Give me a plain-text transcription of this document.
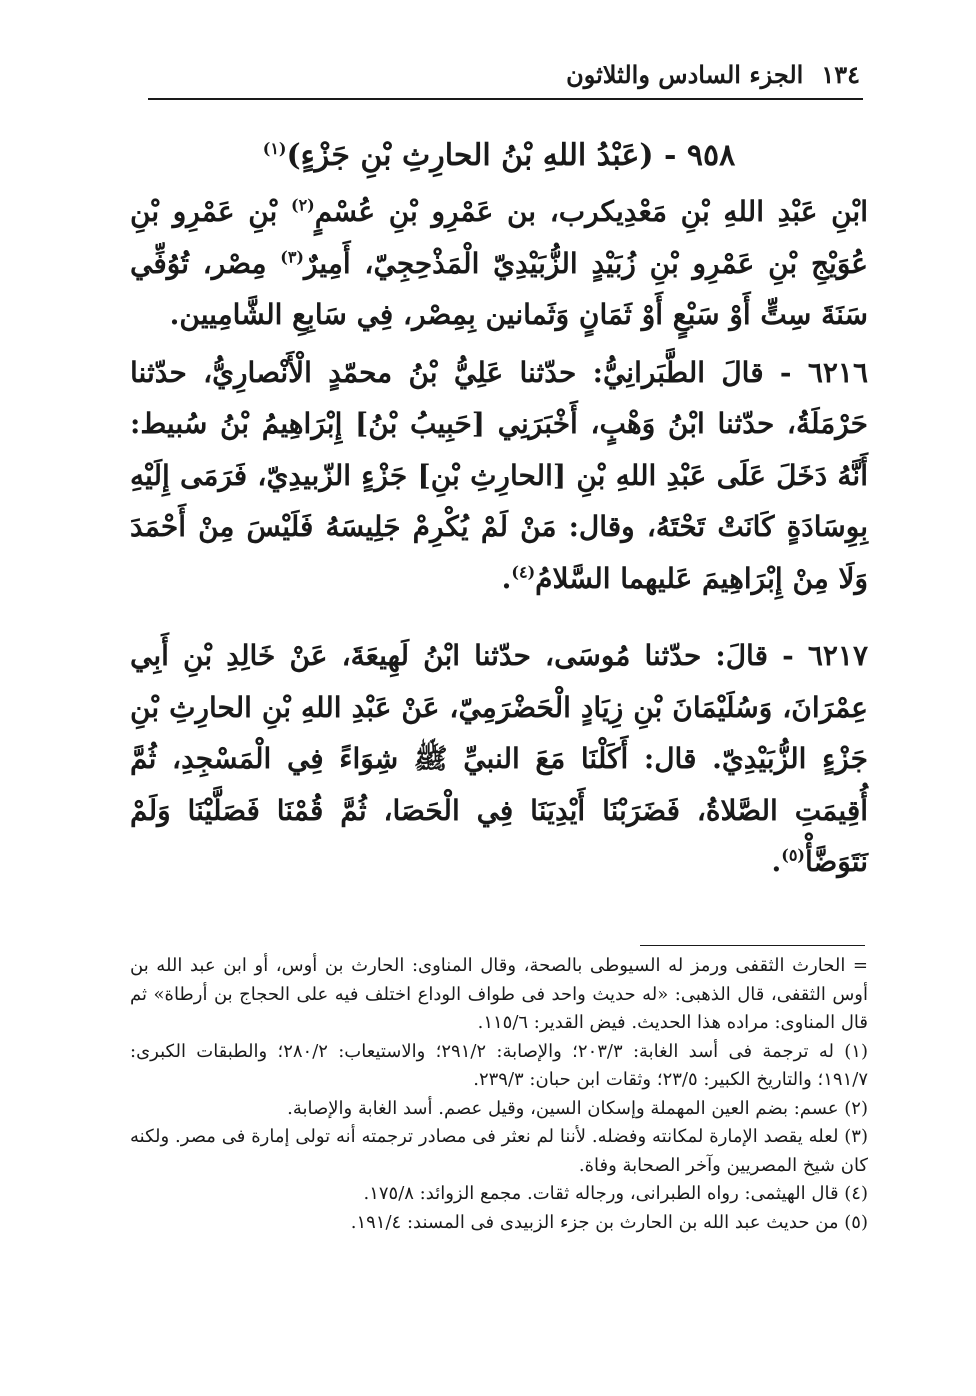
١٣٤الجزء السادس والثلاثون
٩٥٨ - (عَبْدُ اللهِ بْنُ الحارِثِ بْنِ جَزْءٍ)$^{(١)}$

ابْنِ عَبْدِ اللهِ بْنِ مَعْدِيكرب، بن عَمْرِو بْنِ عُسْمٍ$^{(٢)}$ بْنِ عَمْرِو بْنِ عُوَيْجِ بْنِ عَمْرِو بْنِ زُبَيْدٍ الزُّبَيْدِيّ الْمَذْحِجِيّ، أَمِيرٌ$^{(٣)}$ مِصْر، تُوُفِّي سَنَةَ سِتٍّ أَوْ سَبْعٍ أَوْ ثَمَانٍ وَثَمانين بِمِصْر، فِي سَابِعِ الشَّامِيين.

٦٢١٦ - قالَ الطَّبَرانِيُّ: حدّثنا عَلِيُّ بْنُ محمّدٍ الْأَنْصارِيُّ، حدّثنا حَرْمَلَةُ، حدّثنا ابْنُ وَهْبٍ، أَخْبَرَنِي [حَبِيبُ بْنُ] إِبْرَاهِيمُ بْنُ سُبيط: أَنَّهُ دَخَلَ عَلَى عَبْدِ اللهِ بْنِ [الحارِثِ بْنِ] جَزْءٍ الزّبيدِيّ، فَرَمَى إِلَيْهِ بِوِسَادَةٍ كَانَتْ تَحْتَهُ، وقال: مَنْ لَمْ يُكْرِمْ جَلِيسَهُ فَلَيْسَ مِنْ أَحْمَدَ وَلَا مِنْ إِبْرَاهِيمَ عَليهما السَّلامُ$^{(٤)}$.

٦٢١٧ - قالَ: حدّثنا مُوسَى، حدّثنا ابْنُ لَهِيعَةَ، عَنْ خَالِدِ بْنِ أَبِي عِمْرَانَ، وَسُلَيْمَانَ بْنِ زِيَادٍ الْحَضْرَمِيّ، عَنْ عَبْدِ اللهِ بْنِ الحارِثِ بْنِ جَزْءٍ الزُّبَيْدِيّ. قال: أَكَلْنَا مَعَ النبيِّ ﷺ شِوَاءً فِي الْمَسْجِدِ، ثُمَّ أُقِيمَتِ الصَّلاةُ، فَضَرَبْنَا أَيْدِيَنَا فِي الْحَصَا، ثُمَّ قُمْنَا فَصَلَّيْنَا وَلَمْ نَتَوَضَّأْ$^{(٥)}$.

= الحارث الثقفى ورمز له السيوطى بالصحة، وقال المناوى: الحارث بن أوس، أو ابن عبد الله بن أوس الثقفى، قال الذهبى: «له حديث واحد فى طواف الوداع اختلف فيه على الحجاج بن أرطاة» ثم قال المناوى: مراده هذا الحديث. فيض القدير: ١١٥/٦.

(١) له ترجمة فى أسد الغابة: ٢٠٣/٣؛ والإصابة: ٢٩١/٢؛ والاستيعاب: ٢٨٠/٢؛ والطبقات الكبرى: ١٩١/٧؛ والتاريخ الكبير: ٢٣/٥؛ وثقات ابن حبان: ٢٣٩/٣.

(٢) عسم: بضم العين المهملة وإسكان السين، وقيل عصم. أسد الغابة والإصابة.

(٣) لعله يقصد الإمارة لمكانته وفضله. لأننا لم نعثر فى مصادر ترجمته أنه تولى إمارة فى مصر. ولكنه كان شيخ المصريين وآخر الصحابة وفاة.

(٤) قال الهيثمى: رواه الطبرانى، ورجاله ثقات. مجمع الزوائد: ١٧٥/٨.

(٥) من حديث عبد الله بن الحارث بن جزء الزبيدى فى المسند: ١٩١/٤.
